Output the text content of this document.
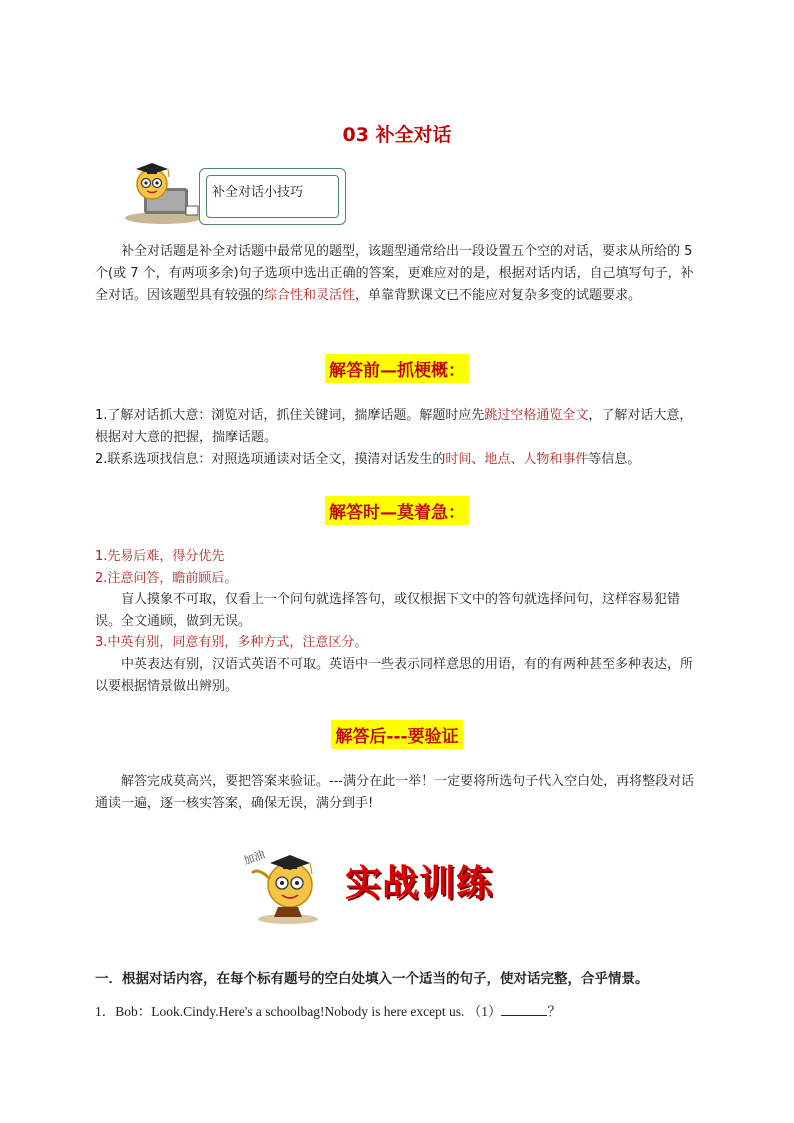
03 补全对话
补全对话小技巧
补全对话题是补全对话题中最常见的题型，该题型通常给出一段设置五个空的对话，要求从所给的 5 个(或 7 个，有两项多余)句子选项中选出正确的答案，更难应对的是，根据对话内话，自己填写句子，补全对话。因该题型具有较强的综合性和灵活性，单靠背默课文已不能应对复杂多变的试题要求。
解答前—抓梗概：
1.了解对话抓大意：浏览对话，抓住关键词，揣摩话题。解题时应先跳过空格通览全文，了解对话大意，根据对大意的把握，揣摩话题。
2.联系选项找信息：对照选项通读对话全文，摸清对话发生的时间、地点、人物和事件等信息。
解答时—莫着急：
1.先易后难，得分优先
2.注意问答，瞻前顾后。
盲人摸象不可取，仅看上一个问句就选择答句，或仅根据下文中的答句就选择问句，这样容易犯错误。全文通顾，做到无误。
3.中英有别，同意有别，多种方式，注意区分。
中英表达有别，汉语式英语不可取。英语中一些表示同样意思的用语，有的有两种甚至多种表达，所以要根据情景做出辨别。
解答后---要验证
解答完成莫高兴，要把答案来验证。---满分在此一举！一定要将所选句子代入空白处，再将整段对话通读一遍，逐一核实答案，确保无误，满分到手!
加油
实战训练
一．根据对话内容，在每个标有题号的空白处填入一个适当的句子，使对话完整，合乎情景。
1．Bob：Look.Cindy.Here's a schoolbag!Nobody is here except us. （1）	？
